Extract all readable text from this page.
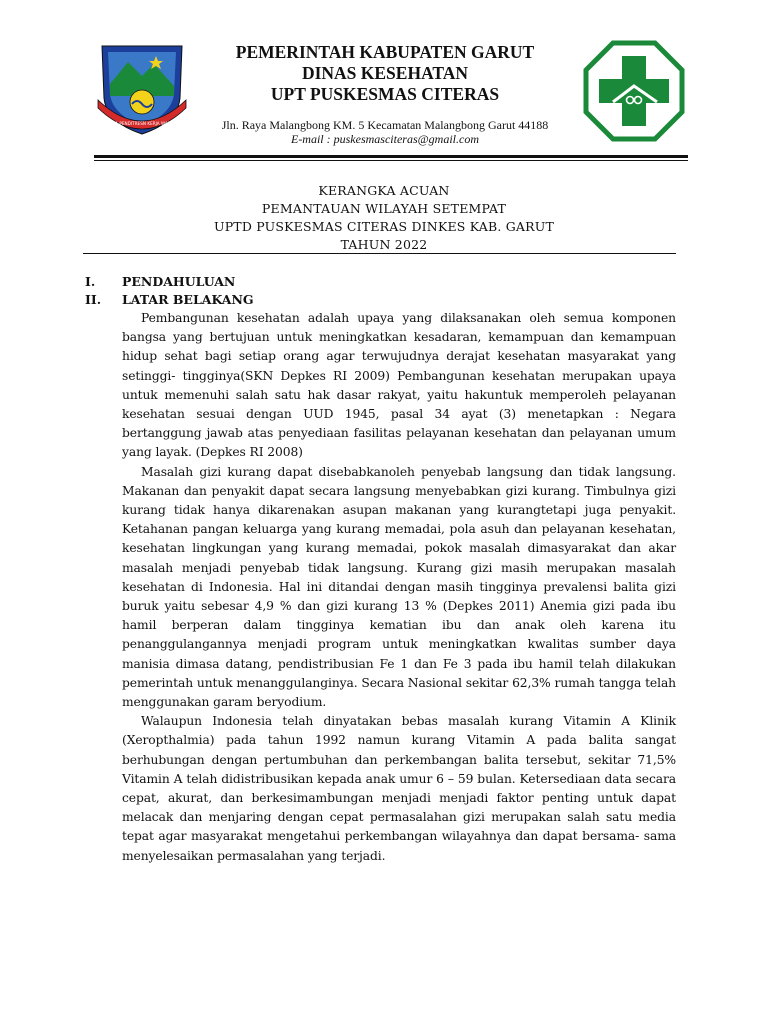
DATA PENDITRESN KERJA WARGA
PEMERINTAH KABUPATEN GARUT
DINAS KESEHATAN
UPT PUSKESMAS CITERAS
Jln. Raya Malangbong KM. 5 Kecamatan Malangbong Garut 44188
E-mail : puskesmasciteras@gmail.com
KERANGKA ACUAN
PEMANTAUAN WILAYAH SETEMPAT
UPTD PUSKESMAS CITERAS DINKES KAB. GARUT
TAHUN 2022
I. PENDAHULUAN
II. LATAR BELAKANG

Pembangunan kesehatan adalah upaya yang dilaksanakan oleh semua komponen bangsa yang bertujuan untuk meningkatkan kesadaran, kemampuan dan kemampuan hidup sehat bagi setiap orang agar terwujudnya derajat kesehatan masyarakat yang setinggi- tingginya(SKN Depkes RI 2009) Pembangunan kesehatan merupakan upaya untuk memenuhi salah satu hak dasar rakyat, yaitu hakuntuk memperoleh pelayanan kesehatan sesuai dengan UUD 1945, pasal 34 ayat (3) menetapkan : Negara bertanggung jawab atas penyediaan fasilitas pelayanan kesehatan dan pelayanan umum yang layak. (Depkes RI 2008)

Masalah gizi kurang dapat disebabkanoleh penyebab langsung dan tidak langsung. Makanan dan penyakit dapat secara langsung menyebabkan gizi kurang. Timbulnya gizi kurang tidak hanya dikarenakan asupan makanan yang kurangtetapi juga penyakit. Ketahanan pangan keluarga yang kurang memadai, pola asuh dan pelayanan kesehatan, kesehatan lingkungan yang kurang memadai, pokok masalah dimasyarakat dan akar masalah menjadi penyebab tidak langsung. Kurang gizi masih merupakan masalah kesehatan di Indonesia. Hal ini ditandai dengan masih tingginya prevalensi balita gizi buruk yaitu sebesar 4,9 % dan gizi kurang 13 % (Depkes 2011) Anemia gizi pada ibu hamil berperan dalam tingginya kematian ibu dan anak oleh karena itu penanggulangannya menjadi program untuk meningkatkan kwalitas sumber daya manisia dimasa datang, pendistribusian Fe 1 dan Fe 3 pada ibu hamil telah dilakukan pemerintah untuk menanggulanginya. Secara Nasional sekitar 62,3% rumah tangga telah menggunakan garam beryodium.

Walaupun Indonesia telah dinyatakan bebas masalah kurang Vitamin A Klinik (Xeropthalmia) pada tahun 1992 namun kurang Vitamin A pada balita sangat berhubungan dengan pertumbuhan dan perkembangan balita tersebut, sekitar 71,5% Vitamin A telah didistribusikan kepada anak umur 6 – 59 bulan. Ketersediaan data secara cepat, akurat, dan berkesimambungan menjadi menjadi faktor penting untuk dapat melacak dan menjaring dengan cepat permasalahan gizi merupakan salah satu media tepat agar masyarakat mengetahui perkembangan wilayahnya dan dapat bersama- sama menyelesaikan permasalahan yang terjadi.
